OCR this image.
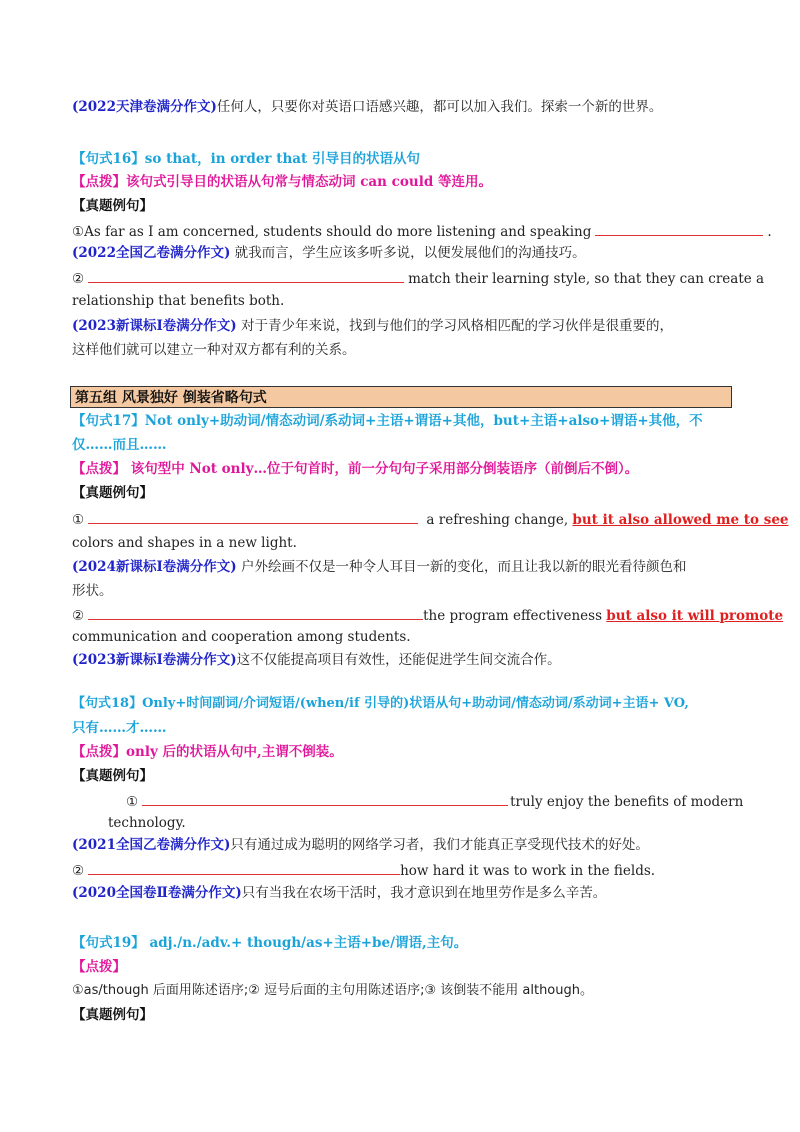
(2022天津卷满分作文)任何人，只要你对英语口语感兴趣，都可以加入我们。探索一个新的世界。
【句式16】so that，in order that 引导目的状语从句
【点拨】该句式引导目的状语从句常与情态动词 can could 等连用。
【真题例句】
①As far as I am concerned, students should do more listening and speaking	.
(2022全国乙卷满分作文) 就我而言，学生应该多听多说，以便发展他们的沟通技巧。
②	match their learning style, so that they can create a
relationship that benefits both.
(2023新课标I卷满分作文) 对于青少年来说，找到与他们的学习风格相匹配的学习伙伴是很重要的，
这样他们就可以建立一种对双方都有利的关系。
第五组 风景独好 倒装省略句式
【句式17】Not only+助动词/情态动词/系动词+主语+谓语+其他，but+主语+also+谓语+其他，不
仅……而且……
【点拨】 该句型中 Not only…位于句首时，前一分句句子采用部分倒装语序（前倒后不倒）。
【真题例句】
①	a refreshing change, but it also allowed me to see
colors and shapes in a new light.
(2024新课标I卷满分作文) 户外绘画不仅是一种令人耳目一新的变化，而且让我以新的眼光看待颜色和
形状。
②	the program effectiveness but also it will promote
communication and cooperation among students.
(2023新课标I卷满分作文)这不仅能提高项目有效性，还能促进学生间交流合作。
【句式18】Only+时间副词/介词短语/(when/if 引导的)状语从句+助动词/情态动词/系动词+主语+ VO,
只有……才……
【点拨】only 后的状语从句中,主谓不倒装。
【真题例句】
①	truly enjoy the benefits of modern
technology.
(2021全国乙卷满分作文)只有通过成为聪明的网络学习者，我们才能真正享受现代技术的好处。
②	how hard it was to work in the fields.
(2020全国卷Ⅱ卷满分作文)只有当我在农场干活时，我才意识到在地里劳作是多么辛苦。
【句式19】 adj./n./adv.+ though/as+主语+be/谓语,主句。
【点拨】
①as/though 后面用陈述语序;② 逗号后面的主句用陈述语序;③ 该倒装不能用 although。
【真题例句】
